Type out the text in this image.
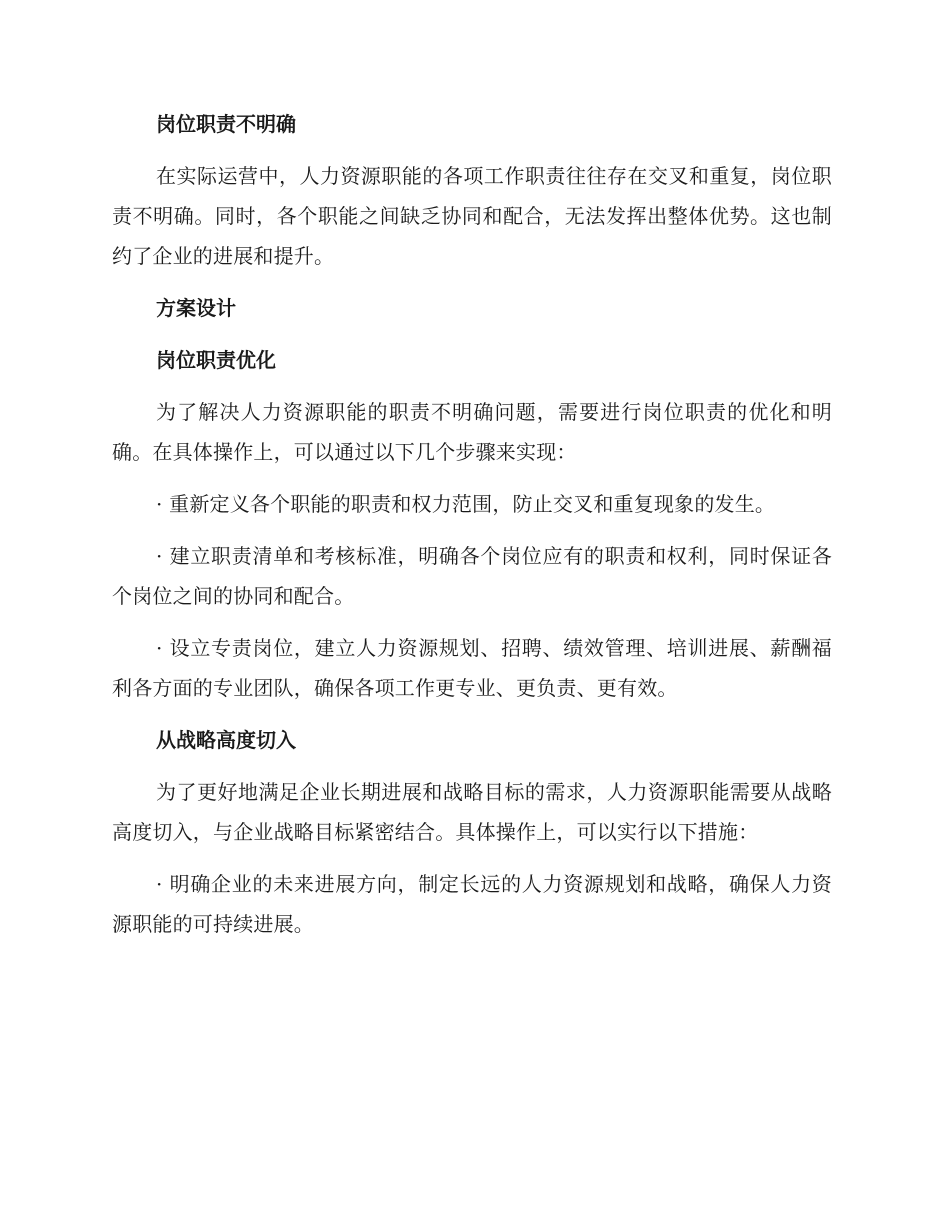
岗位职责不明确

在实际运营中，人力资源职能的各项工作职责往往存在交叉和重复，岗位职责不明确。同时，各个职能之间缺乏协同和配合，无法发挥出整体优势。这也制约了企业的进展和提升。

方案设计
岗位职责优化

为了解决人力资源职能的职责不明确问题，需要进行岗位职责的优化和明确。在具体操作上，可以通过以下几个步骤来实现：

· 重新定义各个职能的职责和权力范围，防止交叉和重复现象的发生。

· 建立职责清单和考核标准，明确各个岗位应有的职责和权利，同时保证各个岗位之间的协同和配合。

· 设立专责岗位，建立人力资源规划、招聘、绩效管理、培训进展、薪酬福利各方面的专业团队，确保各项工作更专业、更负责、更有效。

从战略高度切入

为了更好地满足企业长期进展和战略目标的需求，人力资源职能需要从战略高度切入，与企业战略目标紧密结合。具体操作上，可以实行以下措施：

· 明确企业的未来进展方向，制定长远的人力资源规划和战略，确保人力资源职能的可持续进展。
